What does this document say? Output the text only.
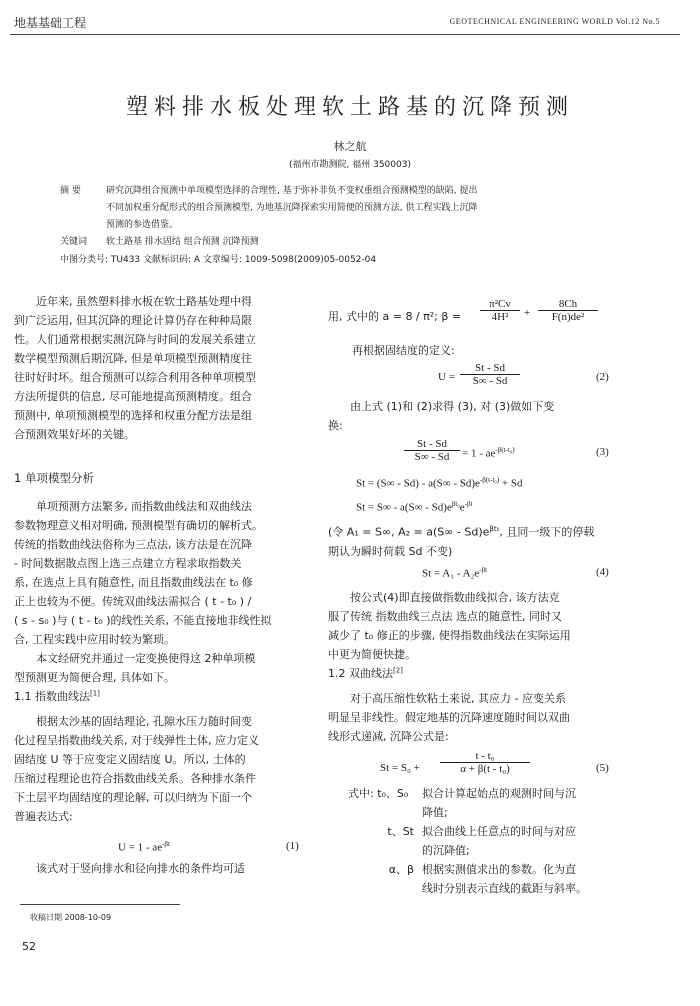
地基基础工程	GEOTECHNICAL ENGINEERING WORLD Vol.12 No.5
塑料排水板处理软土路基的沉降预测
林之航
(福州市勘测院, 福州 350003)
摘 要	研究沉降组合预测中单项模型选择的合理性, 基于弥补非负不变权重组合预测模型的缺陷, 提出
不同加权重分配形式的组合预测模型, 为地基沉降探索实用简便的预测方法, 供工程实践上沉降
预测的参选借鉴。
关键词 软土路基 排水固结 组合预测 沉降预测
中图分类号: TU433 文献标识码: A 文章编号: 1009-5098(2009)05-0052-04
近年来, 虽然塑料排水板在软土路基处理中得
到广泛运用, 但其沉降的理论计算仍存在种种局限
性。人们通常根据实测沉降与时间的发展关系建立
数学模型预测后期沉降, 但是单项模型预测精度往
往时好时坏。组合预测可以综合利用各种单项模型
方法所提供的信息, 尽可能地提高预测精度。组合
预测中, 单项预测模型的选择和权重分配方法是组
合预测效果好坏的关键。
1 单项模型分析
单项预测方法繁多, 而指数曲线法和双曲线法
参数物理意义相对明确, 预测模型有确切的解析式。
传统的指数曲线法俗称为三点法, 该方法是在沉降
- 时间数据散点图上选三点建立方程求取指数关
系, 在选点上具有随意性, 而且指数曲线法在 t₀ 修
正上也较为不便。传统双曲线法需拟合 ( t - t₀ ) /
( s - s₀ )与 ( t - t₀ )的线性关系, 不能直接地非线性拟
合, 工程实践中应用时较为繁琐。
本文经研究并通过一定变换使得这 2种单项模
型预测更为简便合理, 具体如下。
1.1 指数曲线法[1]
根据太沙基的固结理论, 孔隙水压力随时间变
化过程呈指数曲线关系, 对于线弹性土体, 应力定义
固结度 U 等于应变定义固结度 U。所以, 土体的
压缩过程理论也符合指数曲线关系。各种排水条件
下土层平均固结度的理论解, 可以归纳为下面一个
普遍表达式:
$U = 1 - ae^{-\beta t}$	(1)
该式对于竖向排水和径向排水的条件均可适
用, 式中的 a = 8 / π²; β =
π²Cv
4H²	+
8Ch
F(n)de²
再根据固结度的定义:
U =
St - Sd
S∞ - Sd	(2)
由上式 (1)和 (2)求得 (3), 对 (3)做如下变
换:
St - Sd
S∞ - Sd	= $1 - ae^{-\beta(t-t_0)}$	(3)
$St = (S\infty - Sd) - a(S\infty - Sd)e^{-\beta(t-t_0)} + Sd$
$St = S\infty - a(S\infty - Sd)e^{\beta t_0}e^{-\beta t}$
(令 A₁ = S∞, $A_2 = a(S\infty - Sd)e^{\beta t_0}$, 且同一级下的停载
期认为瞬时荷载 Sd 不变)
$St = A_1 - A_2e^{-\beta t}$	(4)
按公式(4)即直接做指数曲线拟合, 该方法克
服了传统 指数曲线三点法 选点的随意性, 同时又
减少了 t₀ 修正的步骤, 使得指数曲线法在实际运用
中更为简便快捷。
1.2 双曲线法[2]
对于高压缩性软粘土来说, 其应力 - 应变关系
明显呈非线性。假定地基的沉降速度随时间以双曲
线形式递减, 沉降公式是:
St = S₀ +
t - t₀
α + β(t - t₀)	(5)
式中: t₀、S₀	拟合计算起始点的观测时间与沉
降值;
t、St 拟合曲线上任意点的时间与对应
的沉降值;
α、β 根据实测值求出的参数。化为直
线时分别表示直线的截距与斜率。
收稿日期 2008-10-09
52
